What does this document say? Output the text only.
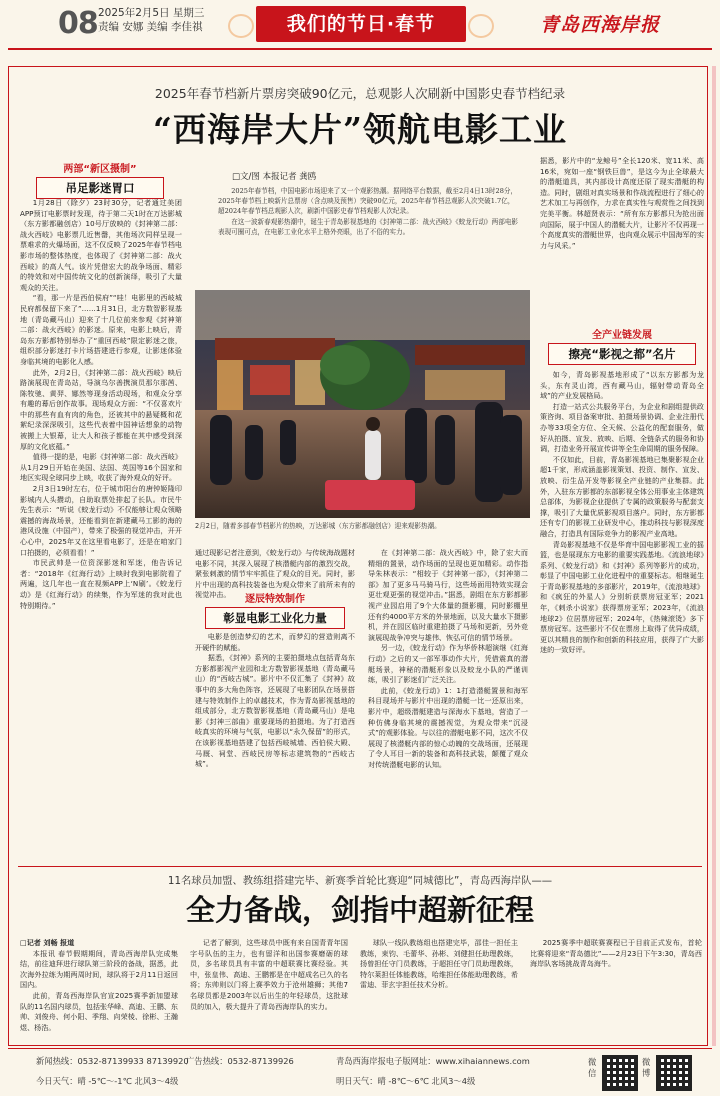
08 2025年2月5日 星期三
责编 安娜 美编 李佳祺	我们的节日·春节	青岛西海岸报
2025年春节档新片票房突破90亿元，总观影人次刷新中国影史春节档纪录
“西海岸大片”领航电影工业
两部“新区摄制”
吊足影迷胃口

1月28日（除夕）23时30分，记者通过美团APP预订电影票时发现，待于第二天1时在万达影城（东方影都融创店）10号厅放映的《封神第二部：战火西岐》电影票几近售罄，其他场次同样呈现一票难求的火爆场面，这不仅反映了2025年春节档电影市场的整体热度，也体现了《封神第二部：战火西岐》的高人气。该片凭借宏大的战争场面、精彩的特效和对中国传统文化的创新演绎，吸引了大量观众的关注。

“看，那一片是西伯侯府”“哇！电影里的西岐城民府都保留下来了”……1月31日，北方数智影视基地（青岛藏马山）迎来了十几位前来参观《封神第二部：战火西岐》的影迷。原来，电影上映后，青岛东方影都特别举办了“重回西岐”限定影迷之旅，组织部分影迷打卡片场搭建进行参观，让影迷体验身临其境的电影化人感。

此外，2月2日，《封神第二部：战火西岐》映后路演展现在青岛站，导演乌尔善携演员那尔那茜、陈牧驰、黄羿、娜然等现身活动现场，和观众分享有趣的幕后创作故事。现场观众方面：“不仅喜欢片中的那些有血有肉的角色，还被其中的悬疑概和花絮纪录深深吸引，这些代表着中国神话想象的动物被搬上大银幕，让大人和孩子都能在其中感受到深厚的文化底蕴。”

值得一提的是，电影《封神第二部：战火西岐》从1月29日开始在美国、法国、英国等16个国家和地区实现全球同步上映，收获了海外观众的好评。

2月3日19时左右，位于城市阳台的唐钟姬隆印影城内人头攒动，自助取票处排起了长队。市民牛先生表示：“听说《蛟龙行动》不仅能够让观众领略震撼的海战场景，还能看到在新建藏马工影的海的港风设施（中国产），带来了极强的视觉冲击，开开心心中，2025年又在这里看电影了，还是在咱家门口拍摄的，必须看看！”

市民武帅是一位资深影迷和军迷，他告诉记者：“2018年《红海行动》上映时我到电影院看了两遍，这几年也一直在视频APP上‘N刷’。《蛟龙行动》是《红海行动》的续集，作为军迷的我对此也特别期待。”

□文/图 本报记者 龚鸥

2025年春节档，中国电影市场迎来了又一个观影热潮。据网络平台数据，截至2月4日13时28分，2025年春节档上映新片总票房（含点映及预售）突破90亿元，2025年春节档总观影人次突破1.7亿，超2024年春节档总观影人次，刷新中国影史春节档观影人次纪录。

在这一波新春观影热潮中，诞生于青岛影视基地的《封神第二部：战火西岐》《蛟龙行动》两部电影表现可圈可点，在电影工业化水平上格外亮眼，出了不俗的实力。

2月2日，随着多部春节档影片的热映，万达影城（东方影都融创店）迎来观影热潮。

通过现影记者注意到，《蛟龙行动》与传统海战题材电影不同，其深入展现了核潜艇内部的激烈交战，紧张刺激的情节牢牢抓住了观众的目光。同时，影片中出现的高科技装备也为观众带来了前所未有的视觉冲击。	逐辰特效制作
彰显电影工业化力量

电影是创造梦幻的艺术，而梦幻的营造则离不开硬件的赋能。

据悉，《封神》系列的主要拍摄地点包括青岛东方影都影视产业园和北方数智影视基地（青岛藏马山）的“西岐古城”。影片中不仅汇集了《封神》故事中的多大角色阵容，还展现了电影团队在场景搭建与特效制作上的卓越技术，作为青岛影视基地的组成部分，北方数智影视基地（青岛藏马山）是电影《封神三部曲》重要现场的拍摄地。为了打造西岐真实的环境与气氛，电影以“永久保留”的形式，在该影视基地搭建了包括西岐城墙、西伯侯大殿、马厩、祠堂、西岐民房等标志建筑物的“西岐古城”。

在《封神第二部：战火西岐》中，除了宏大而精细的置景，动作场面的呈现也更加精彩。动作指导朱林表示：“相较于《封神第一部》，《封神第二部》加了更多马马骑马行，这些场面用特效实现会更壮观更强的视觉冲击。”据悉，剧组在东方影都影视产业园启用了9个大体量的摄影棚，同时影棚里还有约4000平方米的外景地面，以及大量水下摄影机，并在园区临时重建拍摄了马场和更新，另外竞演展现战争冲突与雄伟、恢弘可信的情节场景。

另一边，《蛟龙行动》作为华侨林超演继《红海行动》之后的又一部军事动作大片，凭借震真的潜艇场景，神秘的潜艇形象以及蛟龙小队的严谨训练，吸引了影迷们广泛关注。

此前，《蛟龙行动》1：1打造潜艇置景和海军科目现场并与影片中出现的潜艇一比一还原出来，影片中，超级潜艇建造与深海水下基地，营造了一种仿佛身临其境的震撼视觉，为观众带来“沉浸式”的观影体验。与以往的潜艇电影不同，这次不仅展现了核潜艇内部的惊心动魄的交战场面，还展现了令人耳目一新的装备和高科技武装，颠覆了观众对传统潜艇电影的认知。

据悉，影片中的“龙鲸号”全长120米、宽11米、高16米，宛如一座“钢铁巨兽”，是这今为止全球最大的潜艇道具，其内部设计高度还原了现实潜艇的构造。同时，剧组对真实场景和作战流程进行了细心的艺术加工与再创作，力求在真实性与观赏性之间找到完美平衡。林超贤表示：“所有东方影都只为抢出面向国际，展于中国人的潜艇大片，让影片不仅再现一个高度真实的潜艇世界，也向观众展示中国海军的实力与风采。”

全产业链发展
擦亮“影视之都”名片

如今，青岛影视基地形成了“以东方影都为龙头，东有灵山湾，西有藏马山，辐射带动青岛全域”的产业发展格局。

打造一站式公共服务平台，为企业和剧组提供政策咨询、项目备案审批、拍摄场景协调、企业注册代办等33项全方位、全天候、公益化的配套服务，做好从拍摄、宣发、放映、后期、全链条式的服务和协调，打造业务开展宣传讲等全生命周期的服务保障。

不仅如此，目前，青岛影视基地已集聚影视企业超1千家，形成涵盖影视策划、投资、制作、宣发、放映、衍生品开发等影视全产业链的产业集群。此外，入驻东方影都的东部影视全体公用事业主体建筑总部体，为影视企业提供了专属的政策服务与配套支撑，吸引了大量优质影视项目落户。同时，东方影都还有专门的影视工业研发中心，推动科技与影视深度融合，打造具有国际竞争力的影视产业高地。

青岛影视基地不仅是华育中国电影影视工业的摇篮，也是展现东方电影的重要实践基地。《流浪地球》系列、《蛟龙行动》和《封神》系列等影片的成功，彰显了中国电影工业化进程中的重要标志。相继诞生于青岛影视基地的多部影片，2019年，《流浪地球》和《疯狂的外星人》分别斩获票房冠亚军；2021年，《刺杀小说家》获得票房亚军；2023年，《流浪地球2》位居票房冠军；2024年，《热辣滚烫》多下票房冠军。这些影片不仅在票房上取得了优异成绩，更以其精良的制作和创新的科技应用，获得了广大影迷的一致好评。

11名球员加盟、教练组搭建完毕、新赛季首轮比赛迎“同城德比”，青岛西海岸队——
全力备战，剑指中超新征程
□记者 刘畅 报道

本报讯 春节假期期间，青岛西海岸队完成集结，前往迪拜进行球队第三阶段的备战，据悉，此次海外拉练为期两周时间，球队将于2月11日返回国内。

此前，青岛西海岸队官宣2025赛季新加盟球队的11名国内球员，包括张华峰、高迪、王鹏、东帅、刘俊舟、何小阳、季翔、向荣棱、徐彬、王瀚煜、杨浩。

记者了解到，这些球员中既有来自国青青年国字号队伍的主力，也有留洋和出国参赛磨砺的球员，多名球员具有丰富的中超联赛比赛经验。其中，张皇伟、高迪、王鹏都是在中超成名已久的名将；东帅则以门将上赛季效力于沧州雄狮；其他7名球员都是2003年以后出生的年轻球员，这批球员的加入，极大提升了青岛西海岸队的实力。

球队一线队教练组也搭建完毕，邵佳一担任主教练，束钧、毛蕾华、孙彬、刘健担任助理教练，扬曾担任守门员教练，于超担任守门员助理教练，特尔莱担任体能教练，哈维担任体能助理教练，希雷迪、菲玄宇担任技术分析。

2025赛季中超联赛赛程已于目前正式发布，首轮比赛将迎来“青岛德比”——2月23日下午3:30，青岛西海岸队客场挑战青岛海牛。

新闻热线：0532-87139933 87139920
广告热线：0532-87139926	青岛西海岸报电子版网址：www.xihaiannews.com
今日天气：晴 -5℃～-1℃ 北风3～4级	明日天气：晴 -8℃～6℃ 北风3～4级
微信
微博
